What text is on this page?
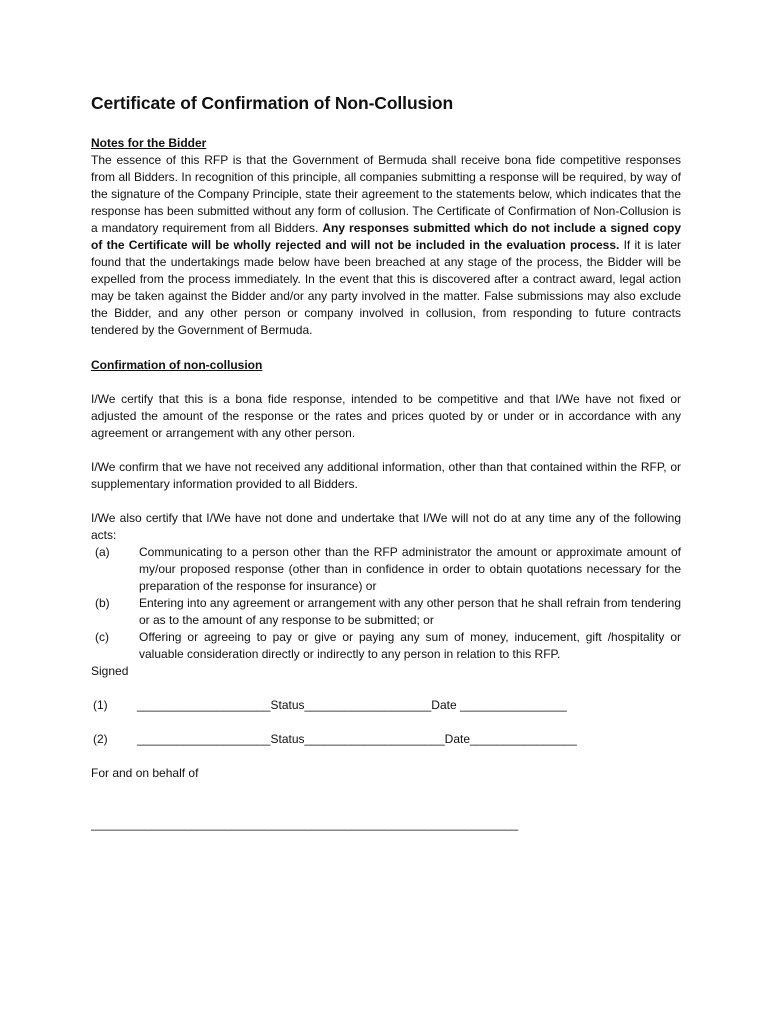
Certificate of Confirmation of Non-Collusion
Notes for the Bidder

The essence of this RFP is that the Government of Bermuda shall receive bona fide competitive responses from all Bidders. In recognition of this principle, all companies submitting a response will be required, by way of the signature of the Company Principle, state their agreement to the statements below, which indicates that the response has been submitted without any form of collusion. The Certificate of Confirmation of Non-Collusion is a mandatory requirement from all Bidders. Any responses submitted which do not include a signed copy of the Certificate will be wholly rejected and will not be included in the evaluation process. If it is later found that the undertakings made below have been breached at any stage of the process, the Bidder will be expelled from the process immediately. In the event that this is discovered after a contract award, legal action may be taken against the Bidder and/or any party involved in the matter. False submissions may also exclude the Bidder, and any other person or company involved in collusion, from responding to future contracts tendered by the Government of Bermuda.

Confirmation of non-collusion

I/We certify that this is a bona fide response, intended to be competitive and that I/We have not fixed or adjusted the amount of the response or the rates and prices quoted by or under or in accordance with any agreement or arrangement with any other person.

I/We confirm that we have not received any additional information, other than that contained within the RFP, or supplementary information provided to all Bidders.

I/We also certify that I/We have not done and undertake that I/We will not do at any time any of the following acts:

(a)	Communicating to a person other than the RFP administrator the amount or approximate amount of my/our proposed response (other than in confidence in order to obtain quotations necessary for the preparation of the response for insurance) or
(b)	Entering into any agreement or arrangement with any other person that he shall refrain from tendering or as to the amount of any response to be submitted; or
(c)	Offering or agreeing to pay or give or paying any sum of money, inducement, gift /hospitality or valuable consideration directly or indirectly to any person in relation to this RFP.

Signed

(1)	____________________Status___________________Date ________________
(2)	____________________Status_____________________Date________________

For and on behalf of

________________________________________________________________
